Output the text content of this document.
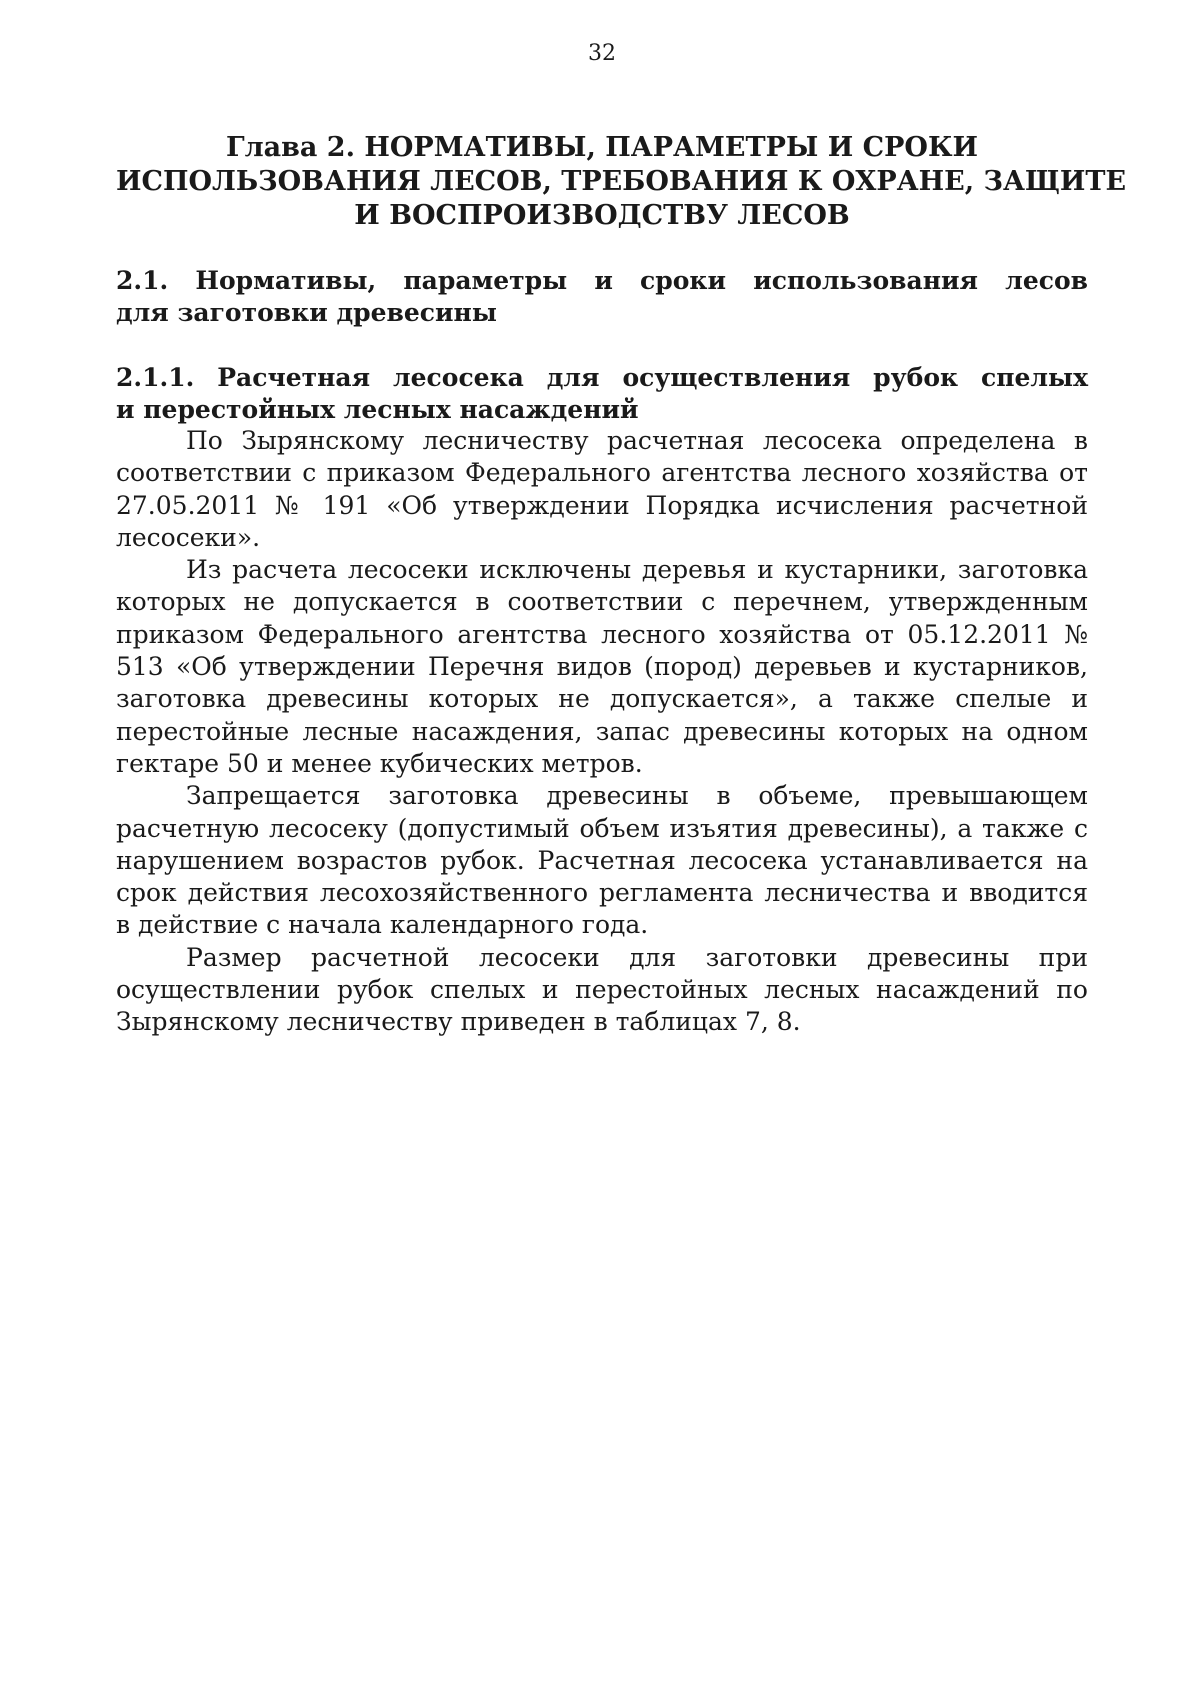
32
Глава 2. НОРМАТИВЫ, ПАРАМЕТРЫ И СРОКИ
ИСПОЛЬЗОВАНИЯ ЛЕСОВ, ТРЕБОВАНИЯ К ОХРАНЕ, ЗАЩИТЕ
И ВОСПРОИЗВОДСТВУ ЛЕСОВ
2.1. Нормативы, параметры и сроки использования лесов
для заготовки древесины
2.1.1. Расчетная лесосека для осуществления рубок спелых
и перестойных лесных насаждений

По Зырянскому лесничеству расчетная лесосека определена в соответствии с приказом Федерального агентства лесного хозяйства от 27.05.2011 № 191 «Об утверждении Порядка исчисления расчетной лесосеки».

Из расчета лесосеки исключены деревья и кустарники, заготовка которых не допускается в соответствии с перечнем, утвержденным приказом Федерального агентства лесного хозяйства от 05.12.2011 № 513 «Об утверждении Перечня видов (пород) деревьев и кустарников, заготовка древесины которых не допускается», а также спелые и перестойные лесные насаждения, запас древесины которых на одном гектаре 50 и менее кубических метров.

Запрещается заготовка древесины в объеме, превышающем расчетную лесосеку (допустимый объем изъятия древесины), а также с нарушением возрастов рубок. Расчетная лесосека устанавливается на срок действия лесохозяйственного регламента лесничества и вводится в действие с начала календарного года.

Размер расчетной лесосеки для заготовки древесины при осуществлении рубок спелых и перестойных лесных насаждений по Зырянскому лесничеству приведен в таблицах 7, 8.
